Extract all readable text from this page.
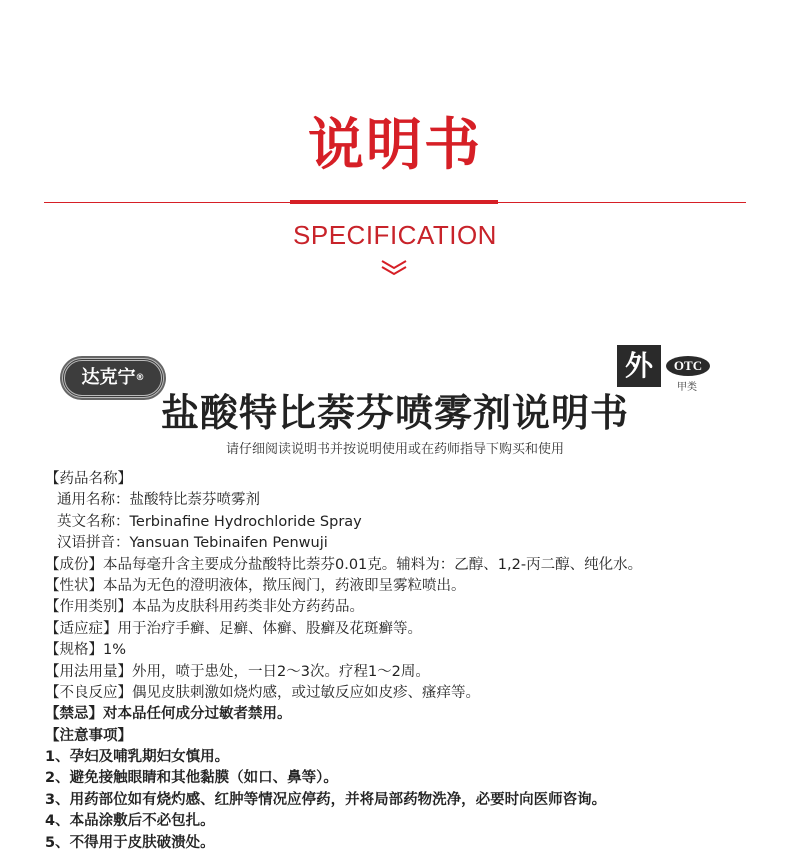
说明书
SPECIFICATION
达克宁®	外	OTC
甲类
盐酸特比萘芬喷雾剂说明书
请仔细阅读说明书并按说明使用或在药师指导下购买和使用
【药品名称】
通用名称：盐酸特比萘芬喷雾剂
英文名称：Terbinafine Hydrochloride Spray
汉语拼音：Yansuan Tebinaifen Penwuji
【成份】本品每毫升含主要成分盐酸特比萘芬0.01克。辅料为：乙醇、1,2-丙二醇、纯化水。
【性状】本品为无色的澄明液体，揿压阀门，药液即呈雾粒喷出。
【作用类别】本品为皮肤科用药类非处方药药品。
【适应症】用于治疗手癣、足癣、体癣、股癣及花斑癣等。
【规格】1%
【用法用量】外用，喷于患处，一日2～3次。疗程1～2周。
【不良反应】偶见皮肤刺激如烧灼感，或过敏反应如皮疹、瘙痒等。
【禁忌】对本品任何成分过敏者禁用。
【注意事项】
1、孕妇及哺乳期妇女慎用。
2、避免接触眼睛和其他黏膜（如口、鼻等）。
3、用药部位如有烧灼感、红肿等情况应停药，并将局部药物洗净，必要时向医师咨询。
4、本品涂敷后不必包扎。
5、不得用于皮肤破溃处。
